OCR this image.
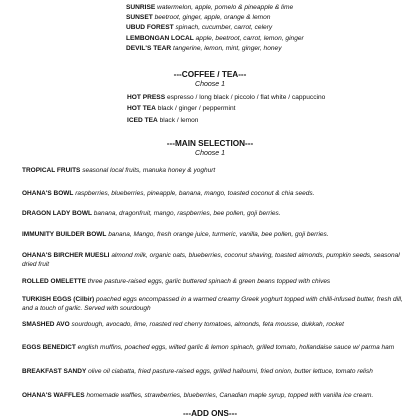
SUNRISE watermelon, apple, pomelo & pineapple & lime
SUNSET beetroot, ginger, apple, orange & lemon
UBUD FOREST spinach, cucumber, carrot, celery
LEMBONGAN LOCAL apple, beetroot, carrot, lemon, ginger
DEVIL'S TEAR tangerine, lemon, mint, ginger, honey
---COFFEE / TEA---
Choose 1
HOT PRESS espresso / long black / piccolo / flat white / cappuccino
HOT TEA black / ginger / peppermint
ICED TEA black / lemon
---MAIN SELECTION---
Choose 1
TROPICAL FRUITS seasonal local fruits, manuka honey & yoghurt
OHANA'S BOWL raspberries, blueberries, pineapple, banana, mango, toasted coconut & chia seeds.
DRAGON LADY BOWL banana, dragonfruit, mango, raspberries, bee pollen, goji berries.
IMMUNITY BUILDER BOWL banana, Mango, fresh orange juice, turmeric, vanilla, bee pollen, goji berries.
OHANA'S BIRCHER MUESLI almond milk, organic oats, blueberries, coconut shaving, toasted almonds, pumpkin seeds, seasonal dried fruit
ROLLED OMELETTE three pasture-raised eggs, garlic buttered spinach & green beans topped with chives
TURKISH EGGS (Cilbir) poached eggs encompassed in a warmed creamy Greek yoghurt topped with chilli-infused butter, fresh dill, and a touch of garlic. Served with sourdough
SMASHED AVO sourdough, avocado, lime, roasted red cherry tomatoes, almonds, feta mousse, dukkah, rocket
EGGS BENEDICT english muffins, poached eggs, wilted garlic & lemon spinach, grilled tomato, hollandaise sauce w/ parma ham
BREAKFAST SANDY olive oil ciabatta, fried pasture-raised eggs, grilled halloumi, fried onion, butter lettuce, tomato relish
OHANA'S WAFFLES homemade waffles, strawberries, blueberries, Canadian maple syrup, topped with vanilla ice cream.
---ADD ONS---
